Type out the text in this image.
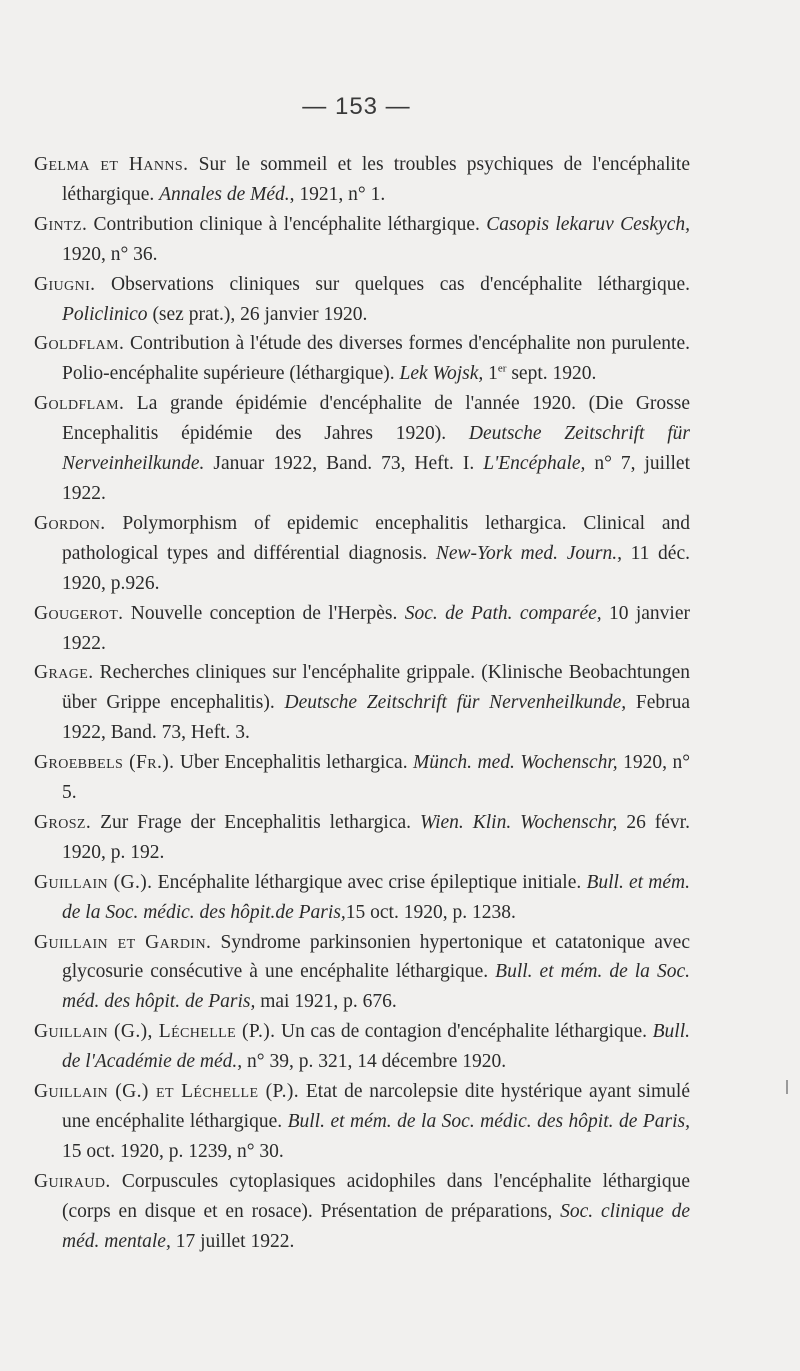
— 153 —
Gelma et Hanns. Sur le sommeil et les troubles psychiques de l'encéphalite léthargique. Annales de Méd., 1921, n° 1.
Gintz. Contribution clinique à l'encéphalite léthargique. Casopis lekaruv Ceskych, 1920, n° 36.
Giugni. Observations cliniques sur quelques cas d'encéphalite léthargique. Policlinico (sez prat.), 26 janvier 1920.
Goldflam. Contribution à l'étude des diverses formes d'encéphalite non purulente. Polio-encéphalite supérieure (léthargique). Lek Wojsk, 1er sept. 1920.
Goldflam. La grande épidémie d'encéphalite de l'année 1920. (Die Grosse Encephalitis épidémie des Jahres 1920). Deutsche Zeitschrift für Nerveinheilkunde. Januar 1922, Band. 73, Heft. I. L'Encéphale, n° 7, juillet 1922.
Gordon. Polymorphism of epidemic encephalitis lethargica. Clinical and pathological types and différential diagnosis. New-York med. Journ., 11 déc. 1920, p.926.
Gougerot. Nouvelle conception de l'Herpès. Soc. de Path. comparée, 10 janvier 1922.
Grage. Recherches cliniques sur l'encéphalite grippale. (Klinische Beobachtungen über Grippe encephalitis). Deutsche Zeitschrift für Nervenheilkunde, Februa 1922, Band. 73, Heft. 3.
Groebbels (Fr.). Uber Encephalitis lethargica. Münch. med. Wochenschr, 1920, n° 5.
Grosz. Zur Frage der Encephalitis lethargica. Wien. Klin. Wochenschr, 26 févr. 1920, p. 192.
Guillain (G.). Encéphalite léthargique avec crise épileptique initiale. Bull. et mém. de la Soc. médic. des hôpit.de Paris,15 oct. 1920, p. 1238.
Guillain et Gardin. Syndrome parkinsonien hypertonique et catatonique avec glycosurie consécutive à une encéphalite léthargique. Bull. et mém. de la Soc. méd. des hôpit. de Paris, mai 1921, p. 676.
Guillain (G.), Léchelle (P.). Un cas de contagion d'encéphalite léthargique. Bull. de l'Académie de méd., n° 39, p. 321, 14 décembre 1920.
Guillain (G.) et Léchelle (P.). Etat de narcolepsie dite hystérique ayant simulé une encéphalite léthargique. Bull. et mém. de la Soc. médic. des hôpit. de Paris, 15 oct. 1920, p. 1239, n° 30.
Guiraud. Corpuscules cytoplasiques acidophiles dans l'encéphalite léthargique (corps en disque et en rosace). Présentation de préparations, Soc. clinique de méd. mentale, 17 juillet 1922.
